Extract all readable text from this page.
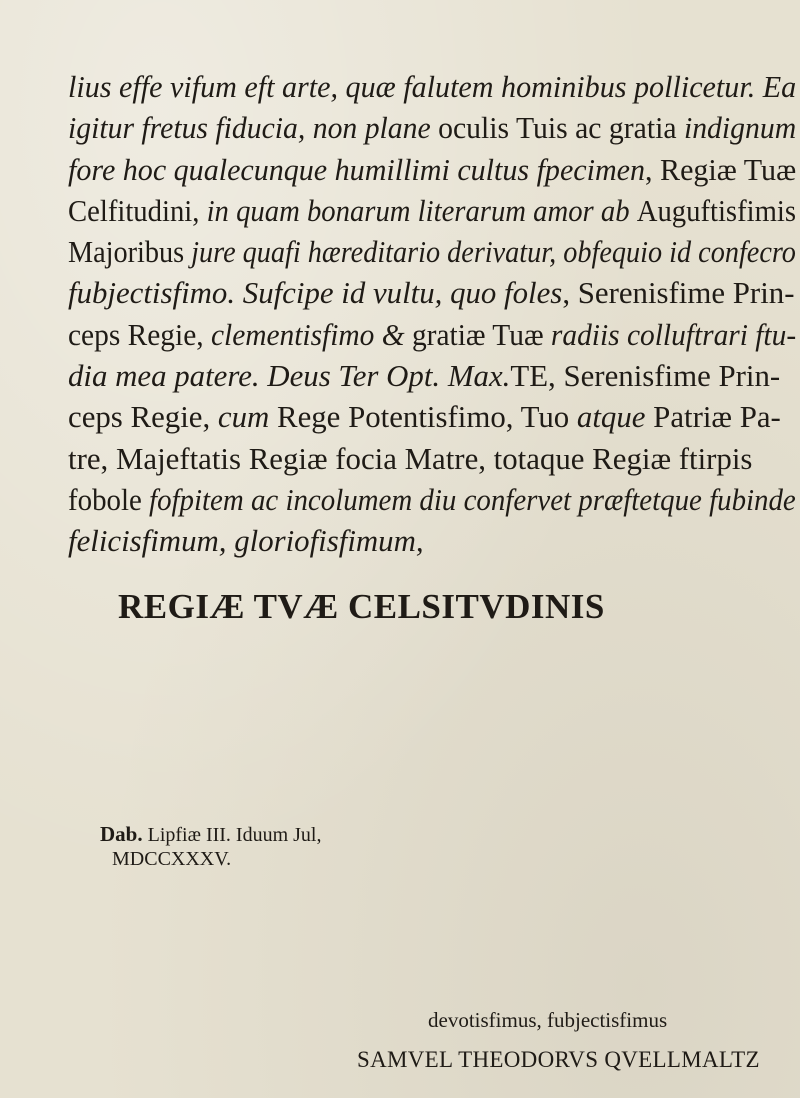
lius effe vifum eft arte, quæ falutem hominibus pollicetur. Ea
igitur fretus fiducia, non plane oculis Tuis ac gratia indignum
fore hoc qualecunque humillimi cultus fpecimen, Regiæ Tuæ
Celfitudini, in quam bonarum literarum amor ab Auguftisfimis
Majoribus jure quafi hæreditario derivatur, obfequio id confecro
fubjectisfimo. Sufcipe id vultu, quo foles, Serenisfime Prin-
ceps Regie, clementisfimo & gratiæ Tuæ radiis colluftrari ftu-
dia mea patere. Deus Ter Opt. Max.TE, Serenisfime Prin-
ceps Regie, cum Rege Potentisfimo, Tuo atque Patriæ Pa-
tre, Majeftatis Regiæ focia Matre, totaque Regiæ ftirpis
fobole fofpitem ac incolumem diu confervet præftetque fubinde
felicisfimum, gloriofisfimum,
REGIÆ TVÆ CELSITVDINIS
Dab. Lipfiæ III. Iduum Jul,
MDCCXXXV.
devotisfimus, fubjectisfimus
SAMVEL THEODORVS QVELLMALTZ
